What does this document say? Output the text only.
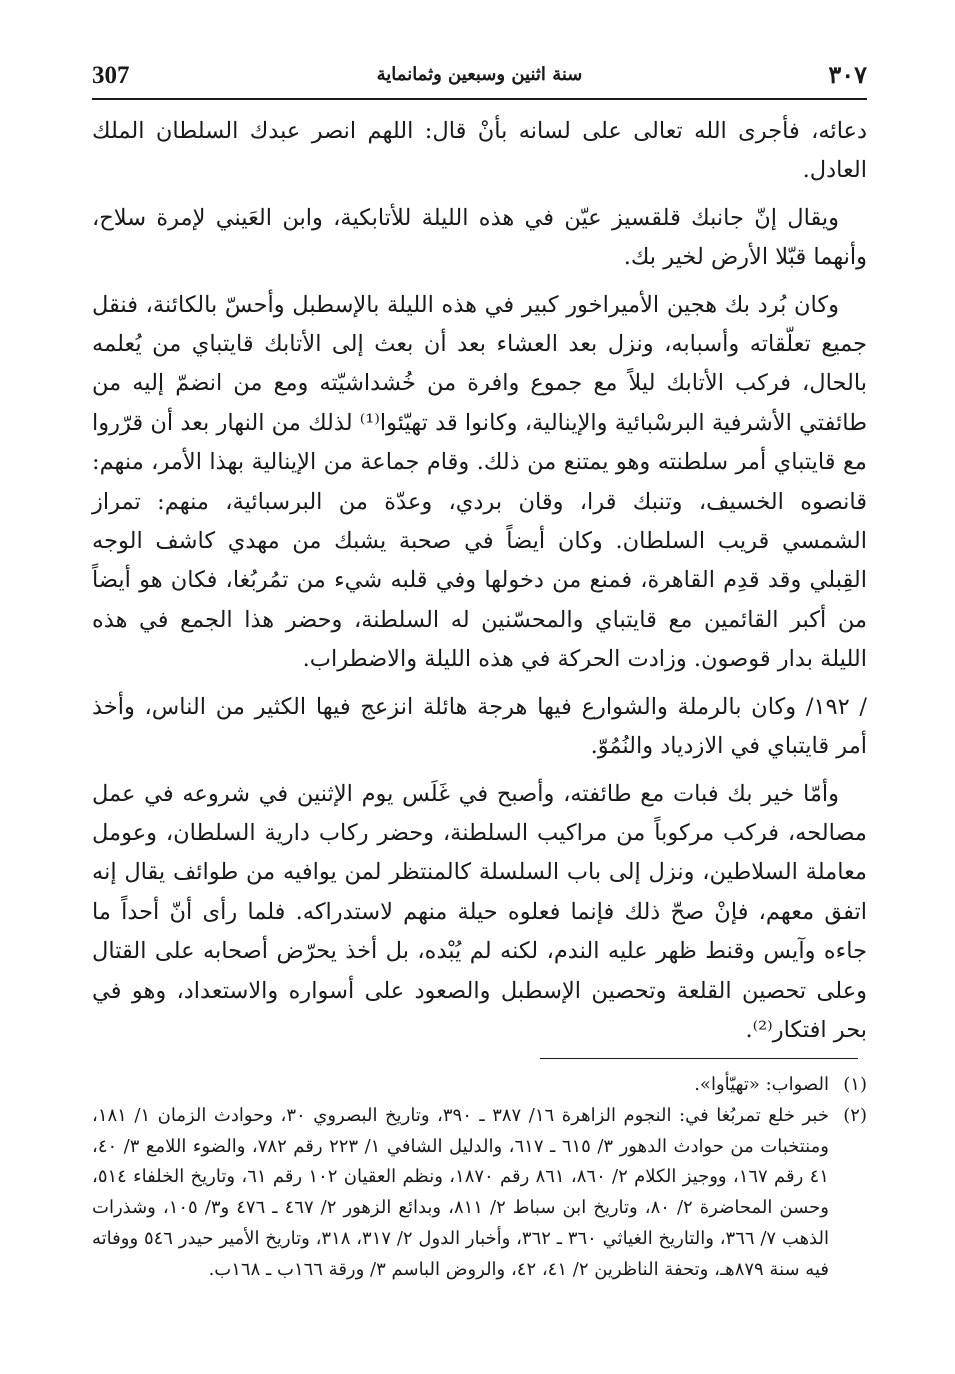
307	سنة اثنين وسبعين وثمانماية	٣٠٧

دعائه، فأجرى الله تعالى على لسانه بأنْ قال: اللهم انصر عبدك السلطان الملك العادل.

ويقال إنّ جانبك قلقسيز عيّن في هذه الليلة للأتابكية، وابن العَيني لإمرة سلاح، وأنهما قبّلا الأرض لخير بك.

وكان بُرد بك هجين الأميراخور كبير في هذه الليلة بالإسطبل وأحسّ بالكائنة، فنقل جميع تعلّقاته وأسبابه، ونزل بعد العشاء بعد أن بعث إلى الأتابك قايتباي من يُعلمه بالحال، فركب الأتابك ليلاً مع جموع وافرة من خُشداشيّته ومع من انضمّ إليه من طائفتي الأشرفية البرسْبائية والإينالية، وكانوا قد تهيّئوا⁽¹⁾ لذلك من النهار بعد أن قرّروا مع قايتباي أمر سلطنته وهو يمتنع من ذلك. وقام جماعة من الإينالية بهذا الأمر، منهم: قانصوه الخسيف، وتنبك قرا، وقان بردي، وعدّة من البرسبائية، منهم: تمراز الشمسي قريب السلطان. وكان أيضاً في صحبة يشبك من مهدي كاشف الوجه القِبلي وقد قدِم القاهرة، فمنع من دخولها وفي قلبه شيء من تمُربُغا، فكان هو أيضاً من أكبر القائمين مع قايتباي والمحسّنين له السلطنة، وحضر هذا الجمع في هذه الليلة بدار قوصون. وزادت الحركة في هذه الليلة والاضطراب.

/ ١٩٢/ وكان بالرملة والشوارع فيها هرجة هائلة انزعج فيها الكثير من الناس، وأخذ أمر قايتباي في الازدياد والنُمُوّ.

وأمّا خير بك فبات مع طائفته، وأصبح في غَلَس يوم الإثنين في شروعه في عمل مصالحه، فركب مركوباً من مراكيب السلطنة، وحضر ركاب دارية السلطان، وعومل معاملة السلاطين، ونزل إلى باب السلسلة كالمنتظر لمن يوافيه من طوائف يقال إنه اتفق معهم، فإنْ صحّ ذلك فإنما فعلوه حيلة منهم لاستدراكه. فلما رأى أنّ أحداً ما جاءه وآيس وقنط ظهر عليه الندم، لكنه لم يُبْده، بل أخذ يحرّض أصحابه على القتال وعلى تحصين القلعة وتحصين الإسطبل والصعود على أسواره والاستعداد، وهو في بحر افتكار⁽²⁾.

(١)
الصواب: «تهيّأوا».
(٢)
خبر خلع تمربُغا في: النجوم الزاهرة ١٦/ ٣٨٧ ـ ٣٩٠، وتاريخ البصروي ٣٠، وحوادث الزمان ١/ ١٨١، ومنتخبات من حوادث الدهور ٣/ ٦١٥ ـ ٦١٧، والدليل الشافي ١/ ٢٢٣ رقم ٧٨٢، والضوء اللامع ٣/ ٤٠، ٤١ رقم ١٦٧، ووجيز الكلام ٢/ ٨٦٠، ٨٦١ رقم ١٨٧٠، ونظم العقيان ١٠٢ رقم ٦١، وتاريخ الخلفاء ٥١٤، وحسن المحاضرة ٢/ ٨٠، وتاريخ ابن سباط ٢/ ٨١١، وبدائع الزهور ٢/ ٤٦٧ ـ ٤٧٦ و٣/ ١٠٥، وشذرات الذهب ٧/ ٣٦٦، والتاريخ الغياثي ٣٦٠ ـ ٣٦٢، وأخبار الدول ٢/ ٣١٧، ٣١٨، وتاريخ الأمير حيدر ٥٤٦ ووفاته فيه سنة ٨٧٩هـ، وتحفة الناظرين ٢/ ٤١، ٤٢، والروض الباسم ٣/ ورقة ١٦٦ب ـ ١٦٨ب.
